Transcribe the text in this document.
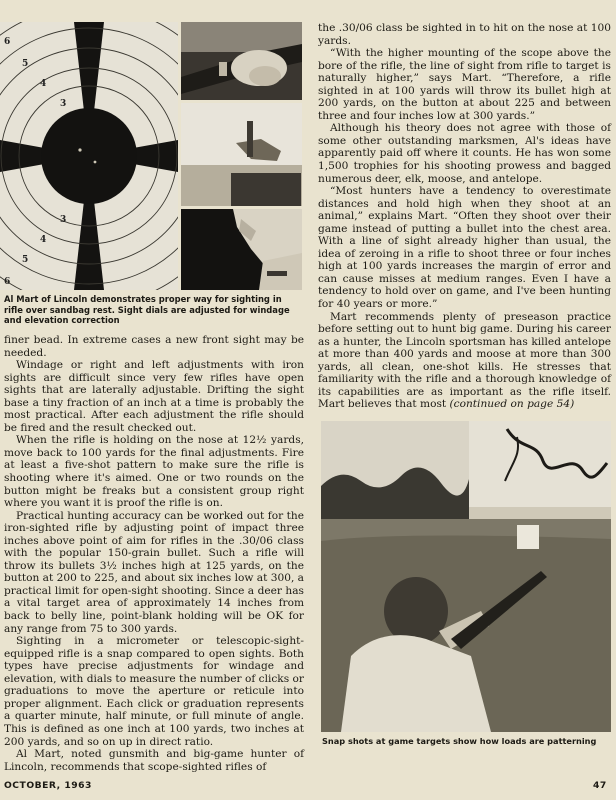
6
5
4
3
6
5
4
3
Al Mart of Lincoln demonstrates proper way for sighting in rifle over sandbag rest. Sight dials are adjusted for windage and elevation correction

finer bead. In extreme cases a new front sight may be needed.

Windage or right and left adjustments with iron sights are difficult since very few rifles have open sights that are laterally adjustable. Drifting the sight base a tiny fraction of an inch at a time is probably the most practical. After each adjustment the rifle should be fired and the result checked out.

When the rifle is holding on the nose at 12½ yards, move back to 100 yards for the final adjustments. Fire at least a five-shot pattern to make sure the rifle is shooting where it's aimed. One or two rounds on the button might be freaks but a consistent group right where you want it is proof the rifle is on.

Practical hunting accuracy can be worked out for the iron-sighted rifle by adjusting point of impact three inches above point of aim for rifles in the .30/06 class with the popular 150-grain bullet. Such a rifle will throw its bullets 3½ inches high at 125 yards, on the button at 200 to 225, and about six inches low at 300, a practical limit for open-sight shooting. Since a deer has a vital target area of approximately 14 inches from back to belly line, point-blank holding will be OK for any range from 75 to 300 yards.

Sighting in a micrometer or telescopic-sight-equipped rifle is a snap compared to open sights. Both types have precise adjustments for windage and elevation, with dials to measure the number of clicks or graduations to move the aperture or reticule into proper alignment. Each click or graduation represents a quarter minute, half minute, or full minute of angle. This is defined as one inch at 100 yards, two inches at 200 yards, and so on up in direct ratio.

Al Mart, noted gunsmith and big-game hunter of Lincoln, recommends that scope-sighted rifles of

the .30/06 class be sighted in to hit on the nose at 100 yards.

“With the higher mounting of the scope above the bore of the rifle, the line of sight from rifle to target is naturally higher,” says Mart. “Therefore, a rifle sighted in at 100 yards will throw its bullet high at 200 yards, on the button at about 225 and between three and four inches low at 300 yards.”

Although his theory does not agree with those of some other outstanding marksmen, Al's ideas have apparently paid off where it counts. He has won some 1,500 trophies for his shooting prowess and bagged numerous deer, elk, moose, and antelope.

“Most hunters have a tendency to overestimate distances and hold high when they shoot at an animal,” explains Mart. “Often they shoot over their game instead of putting a bullet into the chest area. With a line of sight already higher than usual, the idea of zeroing in a rifle to shoot three or four inches high at 100 yards increases the margin of error and can cause misses at medium ranges. Even I have a tendency to hold over on game, and I've been hunting for 40 years or more.”

Mart recommends plenty of preseason practice before setting out to hunt big game. During his career as a hunter, the Lincoln sportsman has killed antelope at more than 400 yards and moose at more than 300 yards, all clean, one-shot kills. He stresses that familiarity with the rifle and a thorough knowledge of its capabilities are as important as the rifle itself. Mart believes that most (continued on page 54)

Snap shots at game targets show how loads are patterning
OCTOBER, 1963	47
